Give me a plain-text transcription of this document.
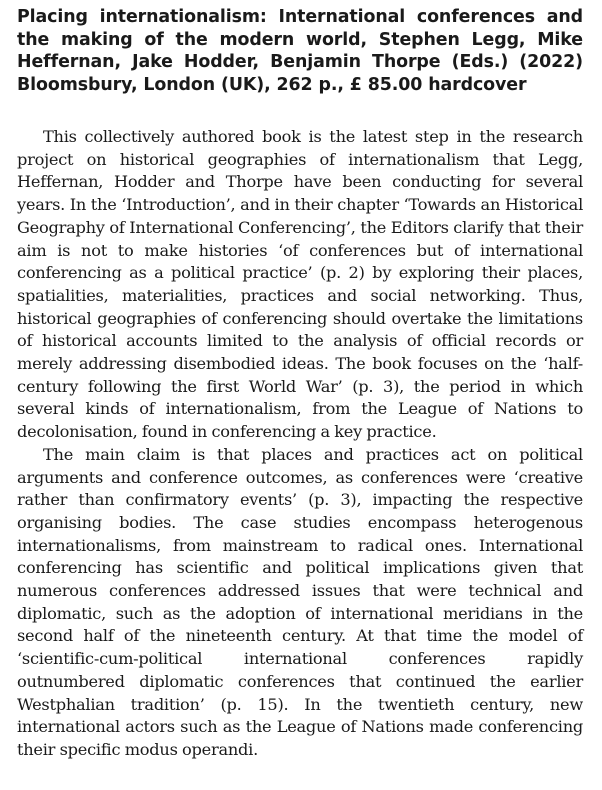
Placing internationalism: International conferences and the making of the modern world, Stephen Legg, Mike Heffernan, Jake Hodder, Benjamin Thorpe (Eds.) (2022) Bloomsbury, London (UK), 262 p., £ 85.00 hardcover

This collectively authored book is the latest step in the research project on historical geographies of internationalism that Legg, Heffernan, Hodder and Thorpe have been conducting for several years. In the ‘Introduction’, and in their chapter ‘Towards an Historical Geography of International Conferencing’, the Editors clarify that their aim is not to make histories ‘of conferences but of international conferencing as a political practice’ (p. 2) by exploring their places, spatialities, materialities, practices and social networking. Thus, historical geographies of conferencing should overtake the limitations of historical accounts limited to the analysis of official records or merely addressing disembodied ideas. The book focuses on the ‘half-century following the first World War’ (p. 3), the period in which several kinds of internationalism, from the League of Nations to decolonisation, found in conferencing a key practice.

The main claim is that places and practices act on political arguments and conference outcomes, as conferences were ‘creative rather than confirmatory events’ (p. 3), impacting the respective organising bodies. The case studies encompass heterogenous internationalisms, from mainstream to radical ones. International conferencing has scientific and political implications given that numerous conferences addressed issues that were technical and diplomatic, such as the adoption of international meridians in the second half of the nineteenth century. At that time the model of ‘scientific-cum-political international conferences rapidly outnumbered diplomatic conferences that continued the earlier Westphalian tradition’ (p. 15). In the twentieth century, new international actors such as the League of Nations made conferencing their specific modus operandi.
